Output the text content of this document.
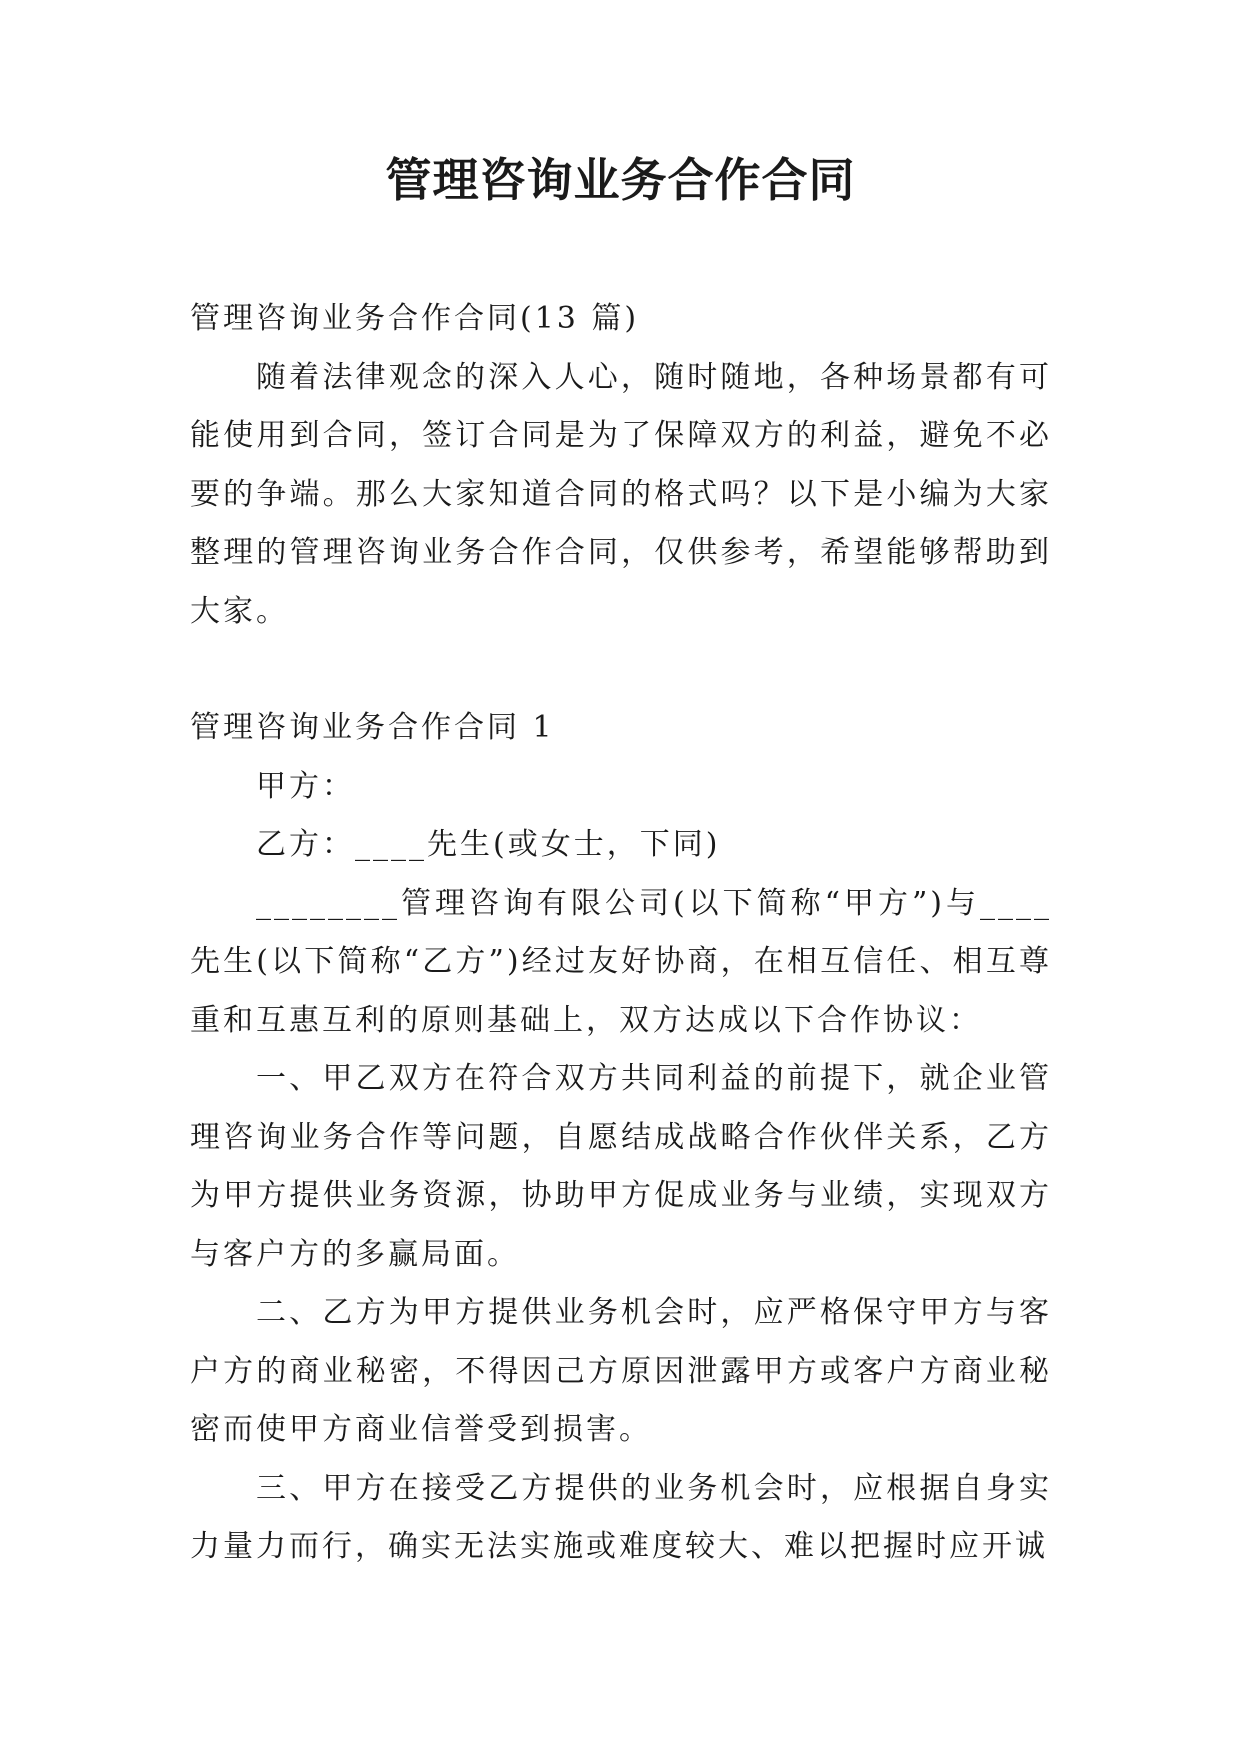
管理咨询业务合作合同

管理咨询业务合作合同(13 篇)

随着法律观念的深入人心，随时随地，各种场景都有可能使用到合同，签订合同是为了保障双方的利益，避免不必要的争端。那么大家知道合同的格式吗？以下是小编为大家整理的管理咨询业务合作合同，仅供参考，希望能够帮助到大家。

管理咨询业务合作合同 1

甲方：

乙方：____先生(或女士，下同)

________管理咨询有限公司(以下简称“甲方”)与____先生(以下简称“乙方”)经过友好协商，在相互信任、相互尊重和互惠互利的原则基础上，双方达成以下合作协议：

一、甲乙双方在符合双方共同利益的前提下，就企业管理咨询业务合作等问题，自愿结成战略合作伙伴关系，乙方为甲方提供业务资源，协助甲方促成业务与业绩，实现双方与客户方的多赢局面。

二、乙方为甲方提供业务机会时，应严格保守甲方与客户方的商业秘密，不得因己方原因泄露甲方或客户方商业秘密而使甲方商业信誉受到损害。

三、甲方在接受乙方提供的业务机会时，应根据自身实力量力而行，确实无法实施或难度较大、难以把握时应开诚
